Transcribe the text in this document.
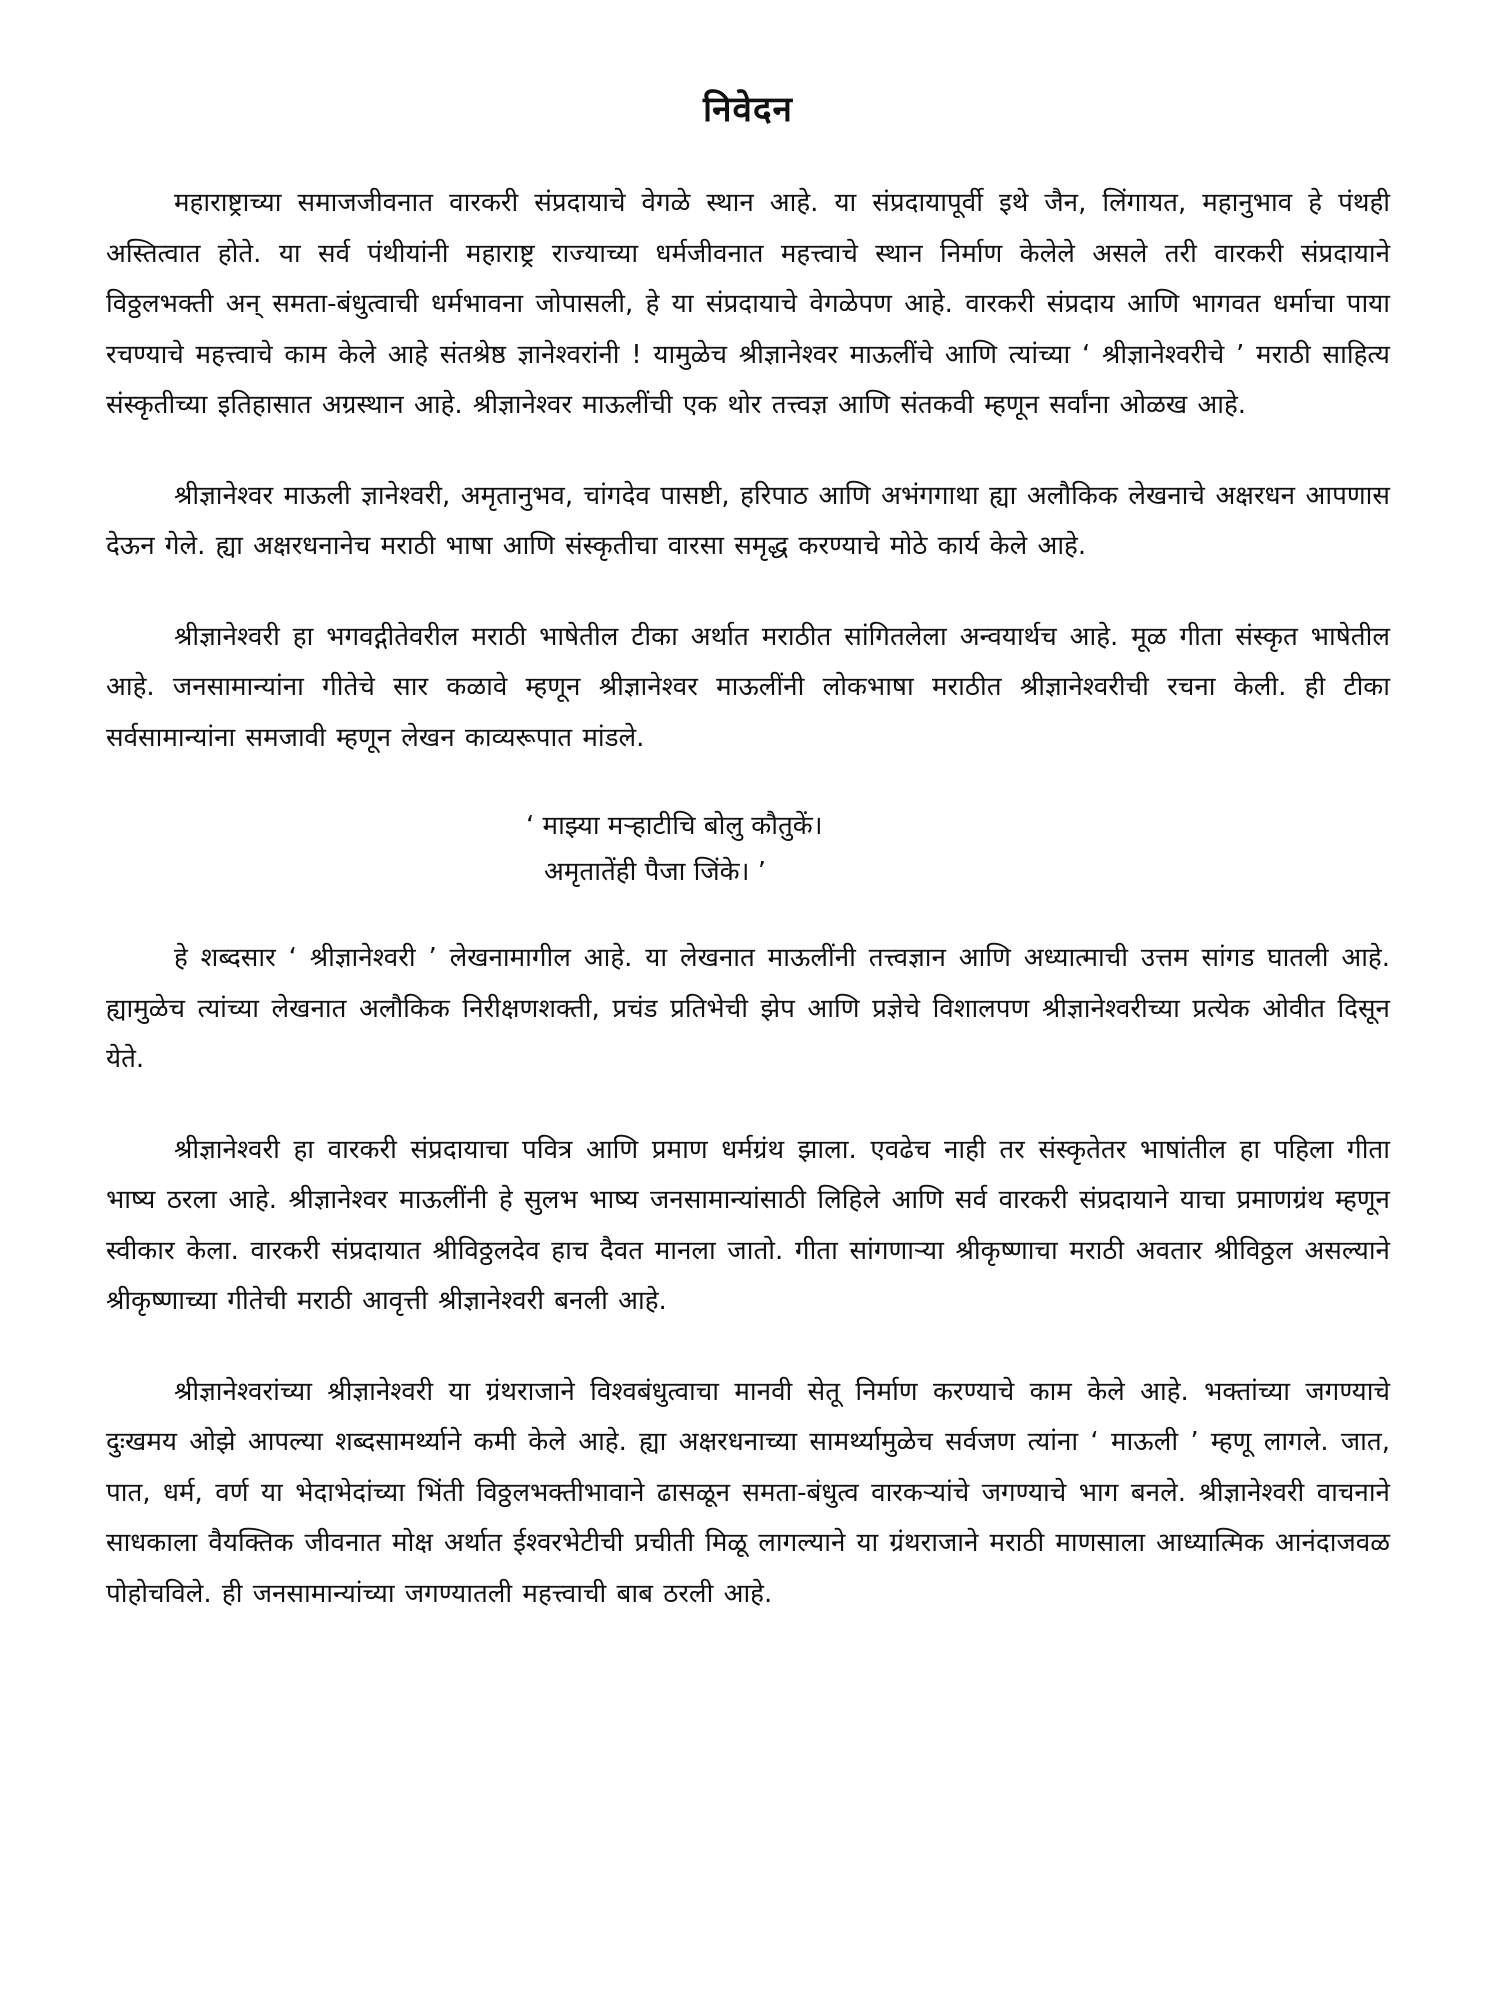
निवेदन

महाराष्ट्राच्या समाजजीवनात वारकरी संप्रदायाचे वेगळे स्थान आहे. या संप्रदायापूर्वी इथे जैन, लिंगायत, महानुभाव हे पंथही अस्तित्वात होते. या सर्व पंथीयांनी महाराष्ट्र राज्याच्या धर्मजीवनात महत्त्वाचे स्थान निर्माण केलेले असले तरी वारकरी संप्रदायाने विठ्ठलभक्ती अन् समता-बंधुत्वाची धर्मभावना जोपासली, हे या संप्रदायाचे वेगळेपण आहे. वारकरी संप्रदाय आणि भागवत धर्माचा पाया रचण्याचे महत्त्वाचे काम केले आहे संतश्रेष्ठ ज्ञानेश्वरांनी ! यामुळेच श्रीज्ञानेश्वर माऊलींचे आणि त्यांच्या ‘ श्रीज्ञानेश्वरीचे ’ मराठी साहित्य संस्कृतीच्या इतिहासात अग्रस्थान आहे. श्रीज्ञानेश्वर माऊलींची एक थोर तत्त्वज्ञ आणि संतकवी म्हणून सर्वांना ओळख आहे.

श्रीज्ञानेश्वर माऊली ज्ञानेश्वरी, अमृतानुभव, चांगदेव पासष्टी, हरिपाठ आणि अभंगगाथा ह्या अलौकिक लेखनाचे अक्षरधन आपणास देऊन गेले. ह्या अक्षरधनानेच मराठी भाषा आणि संस्कृतीचा वारसा समृद्ध करण्याचे मोठे कार्य केले आहे.

श्रीज्ञानेश्वरी हा भगवद्गीतेवरील मराठी भाषेतील टीका अर्थात मराठीत सांगितलेला अन्वयार्थच आहे. मूळ गीता संस्कृत भाषेतील आहे. जनसामान्यांना गीतेचे सार कळावे म्हणून श्रीज्ञानेश्वर माऊलींनी लोकभाषा मराठीत श्रीज्ञानेश्वरीची रचना केली. ही टीका सर्वसामान्यांना समजावी म्हणून लेखन काव्यरूपात मांडले.

‘ माझ्या मऱ्हाटीचि बोलु कौतुकें।
अमृतातेंही पैजा जिंके। ’

हे शब्दसार ‘ श्रीज्ञानेश्वरी ’ लेखनामागील आहे. या लेखनात माऊलींनी तत्त्वज्ञान आणि अध्यात्माची उत्तम सांगड घातली आहे. ह्यामुळेच त्यांच्या लेखनात अलौकिक निरीक्षणशक्ती, प्रचंड प्रतिभेची झेप आणि प्रज्ञेचे विशालपण श्रीज्ञानेश्वरीच्या प्रत्येक ओवीत दिसून येते.

श्रीज्ञानेश्वरी हा वारकरी संप्रदायाचा पवित्र आणि प्रमाण धर्मग्रंथ झाला. एवढेच नाही तर संस्कृतेतर भाषांतील हा पहिला गीता भाष्य ठरला आहे. श्रीज्ञानेश्वर माऊलींनी हे सुलभ भाष्य जनसामान्यांसाठी लिहिले आणि सर्व वारकरी संप्रदायाने याचा प्रमाणग्रंथ म्हणून स्वीकार केला. वारकरी संप्रदायात श्रीविठ्ठलदेव हाच दैवत मानला जातो. गीता सांगणाऱ्या श्रीकृष्णाचा मराठी अवतार श्रीविठ्ठल असल्याने श्रीकृष्णाच्या गीतेची मराठी आवृत्ती श्रीज्ञानेश्वरी बनली आहे.

श्रीज्ञानेश्वरांच्या श्रीज्ञानेश्वरी या ग्रंथराजाने विश्वबंधुत्वाचा मानवी सेतू निर्माण करण्याचे काम केले आहे. भक्तांच्या जगण्याचे दुःखमय ओझे आपल्या शब्दसामर्थ्याने कमी केले आहे. ह्या अक्षरधनाच्या सामर्थ्यामुळेच सर्वजण त्यांना ‘ माऊली ’ म्हणू लागले. जात, पात, धर्म, वर्ण या भेदाभेदांच्या भिंती विठ्ठलभक्तीभावाने ढासळून समता-बंधुत्व वारकऱ्यांचे जगण्याचे भाग बनले. श्रीज्ञानेश्वरी वाचनाने साधकाला वैयक्तिक जीवनात मोक्ष अर्थात ईश्वरभेटीची प्रचीती मिळू लागल्याने या ग्रंथराजाने मराठी माणसाला आध्यात्मिक आनंदाजवळ पोहोचविले. ही जनसामान्यांच्या जगण्यातली महत्त्वाची बाब ठरली आहे.
